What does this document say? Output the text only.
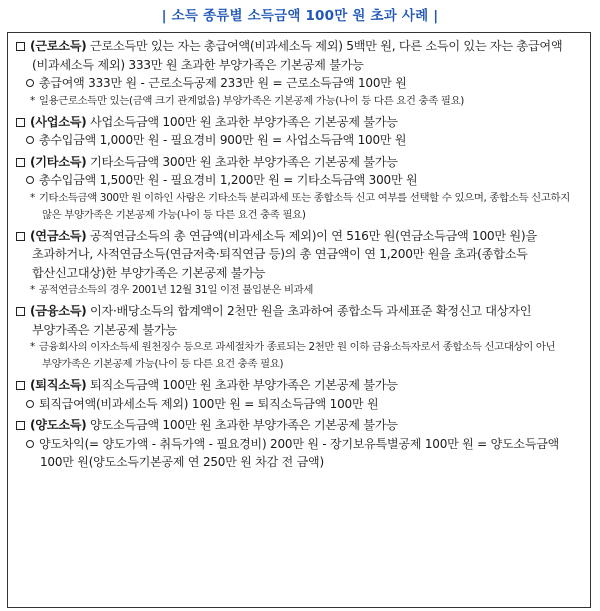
| 소득 종류별 소득금액 100만 원 초과 사례 |
(근로소득) 근로소득만 있는 자는 총급여액(비과세소득 제외) 5백만 원, 다른 소득이 있는 자는 총급여액(비과세소득 제외) 333만 원 초과한 부양가족은 기본공제 불가능
총급여액 333만 원 - 근로소득공제 233만 원 = 근로소득금액 100만 원
* 일용근로소득만 있는(금액 크기 관계없음) 부양가족은 기본공제 가능(나이 등 다른 요건 충족 필요)
(사업소득) 사업소득금액 100만 원 초과한 부양가족은 기본공제 불가능
총수입금액 1,000만 원 - 필요경비 900만 원 = 사업소득금액 100만 원
(기타소득) 기타소득금액 300만 원 초과한 부양가족은 기본공제 불가능
총수입금액 1,500만 원 - 필요경비 1,200만 원 = 기타소득금액 300만 원
* 기타소득금액 300만 원 이하인 사람은 기타소득 분리과세 또는 종합소득 신고 여부를 선택할 수 있으며, 종합소득 신고하지 않은 부양가족은 기본공제 가능(나이 등 다른 요건 충족 필요)
(연금소득) 공적연금소득의 총 연금액(비과세소득 제외)이 연 516만 원(연금소득금액 100만 원)을 초과하거나, 사적연금소득(연금저축·퇴직연금 등)의 총 연금액이 연 1,200만 원을 초과(종합소득 합산신고대상)한 부양가족은 기본공제 불가능
* 공적연금소득의 경우 2001년 12월 31일 이전 불입분은 비과세
(금융소득) 이자·배당소득의 합계액이 2천만 원을 초과하여 종합소득 과세표준 확정신고 대상자인 부양가족은 기본공제 불가능
* 금융회사의 이자소득세 원천징수 등으로 과세절차가 종료되는 2천만 원 이하 금융소득자로서 종합소득 신고대상이 아닌 부양가족은 기본공제 가능(나이 등 다른 요건 충족 필요)
(퇴직소득) 퇴직소득금액 100만 원 초과한 부양가족은 기본공제 불가능
퇴직급여액(비과세소득 제외) 100만 원 = 퇴직소득금액 100만 원
(양도소득) 양도소득금액 100만 원 초과한 부양가족은 기본공제 불가능
양도차익(= 양도가액 - 취득가액 - 필요경비) 200만 원 - 장기보유특별공제 100만 원 = 양도소득금액 100만 원(양도소득기본공제 연 250만 원 차감 전 금액)
